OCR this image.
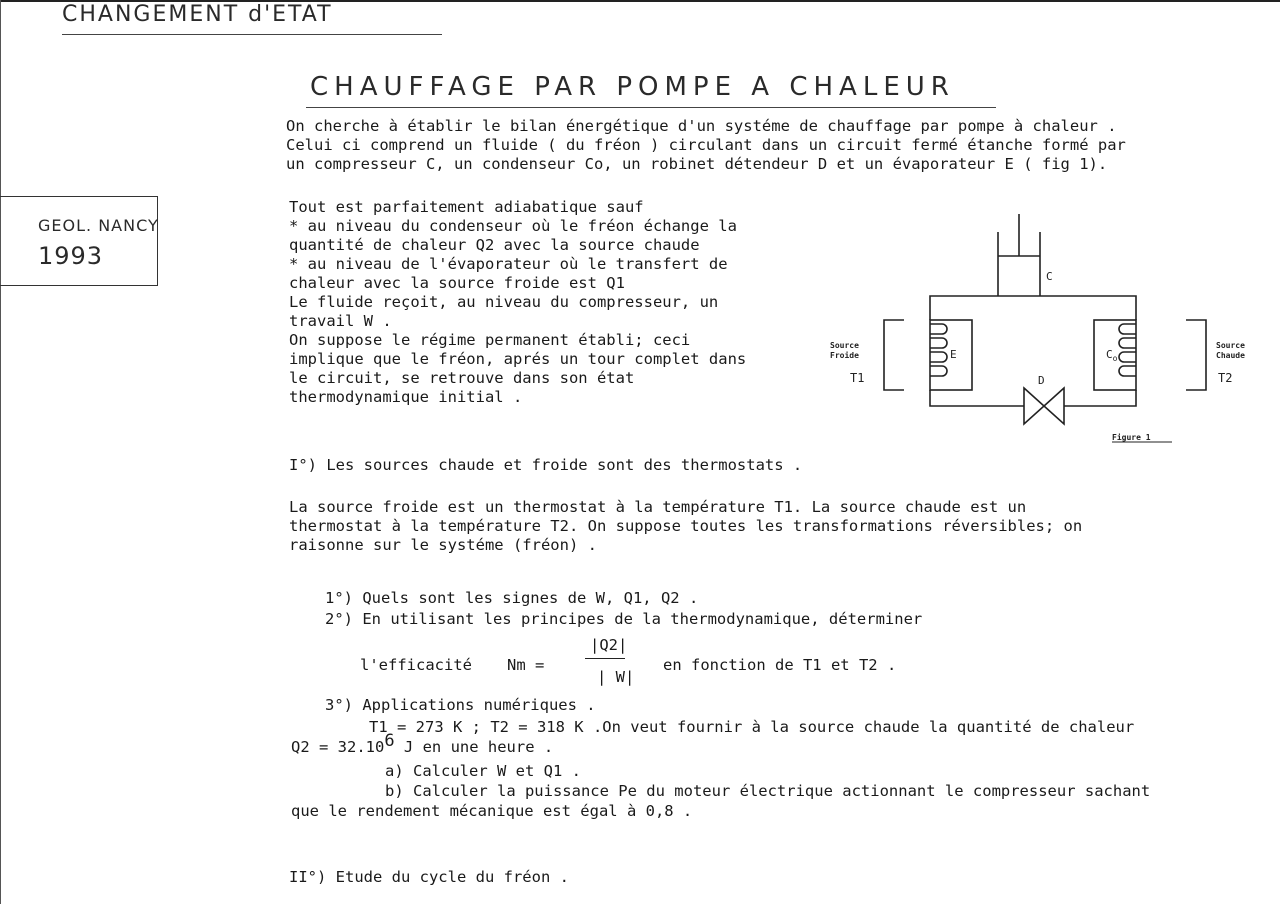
CHANGEMENT d'ETAT
CHAUFFAGE PAR POMPE A CHALEUR
GEOL. NANCY
1993
On cherche à établir le bilan énergétique d'un systéme de chauffage par pompe à chaleur .
Celui ci comprend un fluide ( du fréon ) circulant dans un circuit fermé étanche formé par
un compresseur C, un condenseur Co, un robinet détendeur D et un évaporateur E ( fig 1).
Tout est parfaitement adiabatique sauf
* au niveau du condenseur où le fréon échange la
quantité de chaleur Q2 avec la source chaude
* au niveau de l'évaporateur où le transfert de
chaleur avec la source froide est Q1
Le fluide reçoit, au niveau du compresseur, un
travail W .
On suppose le régime permanent établi; ceci
implique que le fréon, aprés un tour complet dans
le circuit, se retrouve dans son état
thermodynamique initial .
C
E	$C_o$
D
Source
Froide
T1
Source
Chaude
T2
Figure 1
I°) Les sources chaude et froide sont des thermostats .
La source froide est un thermostat à la température T1. La source chaude est un
thermostat à la température T2. On suppose toutes les transformations réversibles; on
raisonne sur le systéme (fréon) .
1°) Quels sont les signes de W, Q1, Q2 .
2°) En utilisant les principes de la thermodynamique, déterminer
l'efficacité Nm =
|Q2|
| W|
en fonction de T1 et T2 .
3°) Applications numériques .
T1 = 273 K ; T2 = 318 K .On veut fournir à la source chaude la quantité de chaleur
$Q2 = 32.10^6$ J en une heure .
a) Calculer W et Q1 .
b) Calculer la puissance Pe du moteur électrique actionnant le compresseur sachant
que le rendement mécanique est égal à 0,8 .
II°) Etude du cycle du fréon .
